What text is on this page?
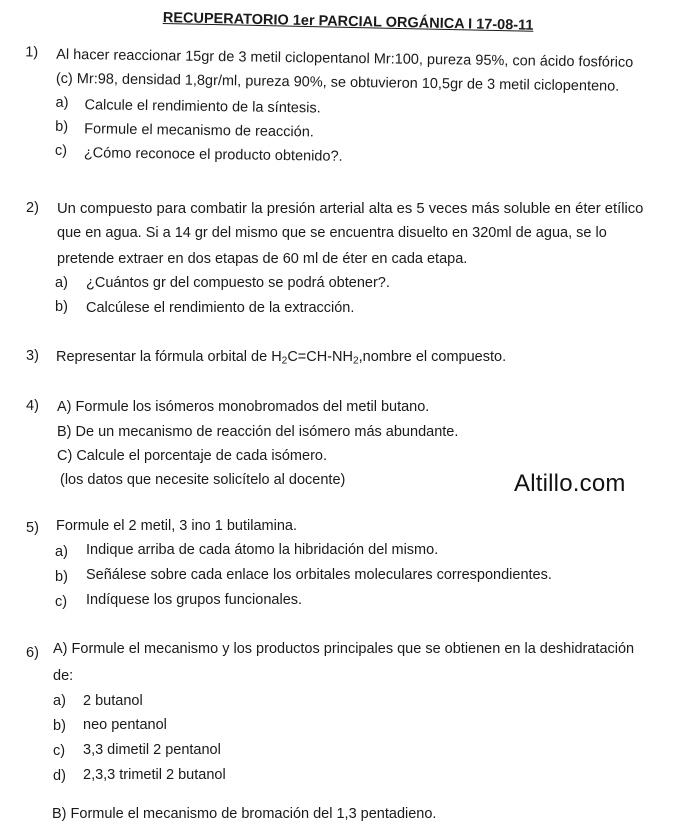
RECUPERATORIO 1er PARCIAL ORGÁNICA I 17-08-11
1) Al hacer reaccionar 15gr de 3 metil ciclopentanol Mr:100, pureza 95%, con ácido fosfórico
(c) Mr:98, densidad 1,8gr/ml, pureza 90%, se obtuvieron 10,5gr de 3 metil ciclopenteno.
a) Calcule el rendimiento de la síntesis.
b) Formule el mecanismo de reacción.
c) ¿Cómo reconoce el producto obtenido?.
2) Un compuesto para combatir la presión arterial alta es 5 veces más soluble en éter etílico
que en agua. Si a 14 gr del mismo que se encuentra disuelto en 320ml de agua, se lo
pretende extraer en dos etapas de 60 ml de éter en cada etapa.
a) ¿Cuántos gr del compuesto se podrá obtener?.
b) Calcúlese el rendimiento de la extracción.
3) Representar la fórmula orbital de $H_2C=CH-NH_2,nombre$ el compuesto.
4) A) Formule los isómeros monobromados del metil butano.
B) De un mecanismo de reacción del isómero más abundante.
C) Calcule el porcentaje de cada isómero.
(los datos que necesite solicítelo al docente)	Altillo.com
5) Formule el 2 metil, 3 ino 1 butilamina.
a) Indique arriba de cada átomo la hibridación del mismo.
b) Señálese sobre cada enlace los orbitales moleculares correspondientes.
c) Indíquese los grupos funcionales.
6) A) Formule el mecanismo y los productos principales que se obtienen en la deshidratación
de:
a) 2 butanol
b) neo pentanol
c) 3,3 dimetil 2 pentanol
d) 2,3,3 trimetil 2 butanol
B) Formule el mecanismo de bromación del 1,3 pentadieno.
